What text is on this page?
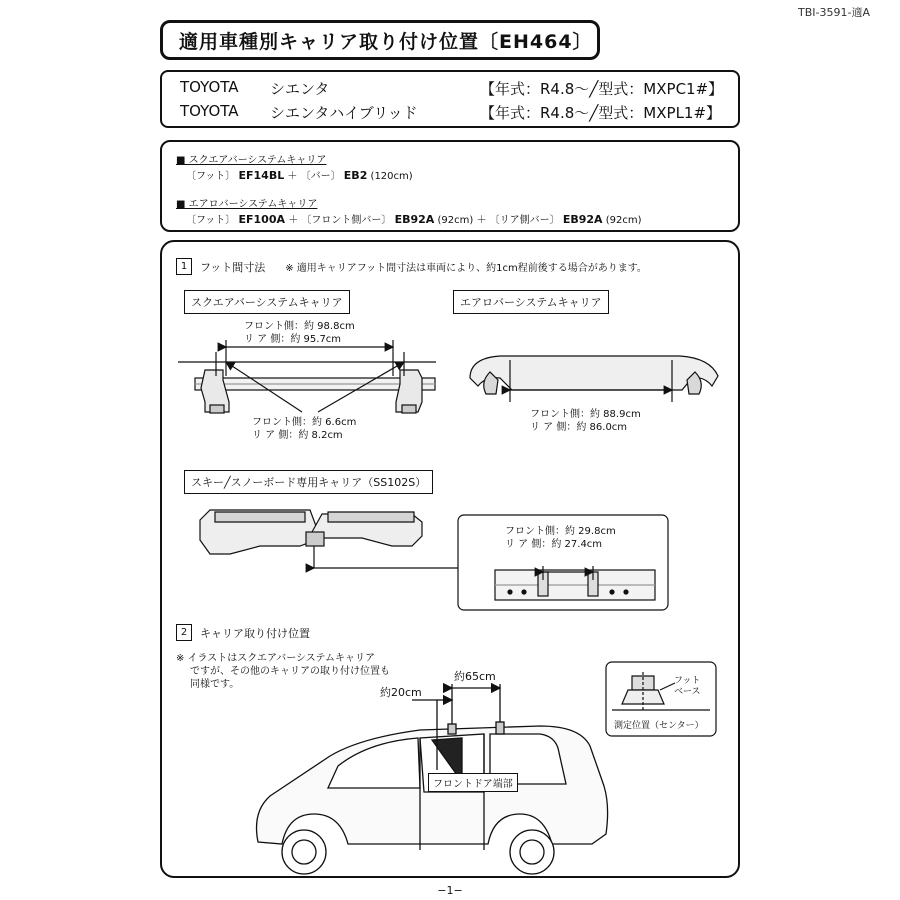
TBI-3591-適A
適用車種別キャリア取り付け位置〔EH464〕
TOYOTA	シエンタ	【年式：R4.8～╱型式：MXPC1#】
TOYOTA	シエンタハイブリッド	【年式：R4.8～╱型式：MXPL1#】
■ スクエアバーシステムキャリア
〔フット〕 EF14BL ＋ 〔バー〕 EB2 (120cm)
■ エアロバーシステムキャリア
〔フット〕 EF100A ＋ 〔フロント側バー〕 EB92A (92cm) ＋ 〔リア側バー〕 EB92A (92cm)
1	フット間寸法 ※ 適用キャリアフット間寸法は車両により、約1cm程前後する場合があります。
スクエアバーシステムキャリア
フロント側：約 98.8cm
リ ア 側：約 95.7cm
フロント側：約 6.6cm
リ ア 側：約 8.2cm
エアロバーシステムキャリア
フロント側：約 88.9cm
リ ア 側：約 86.0cm
スキー╱スノーボード専用キャリア（SS102S）
フロント側：約 29.8cm
リ ア 側：約 27.4cm
2	キャリア取り付け位置
※ イラストはスクエアバーシステムキャリア
ですが、その他のキャリアの取り付け位置も
同様です。
約65cm
約20cm
フロントドア端部
フット
ベース
測定位置（センター）
−1−
